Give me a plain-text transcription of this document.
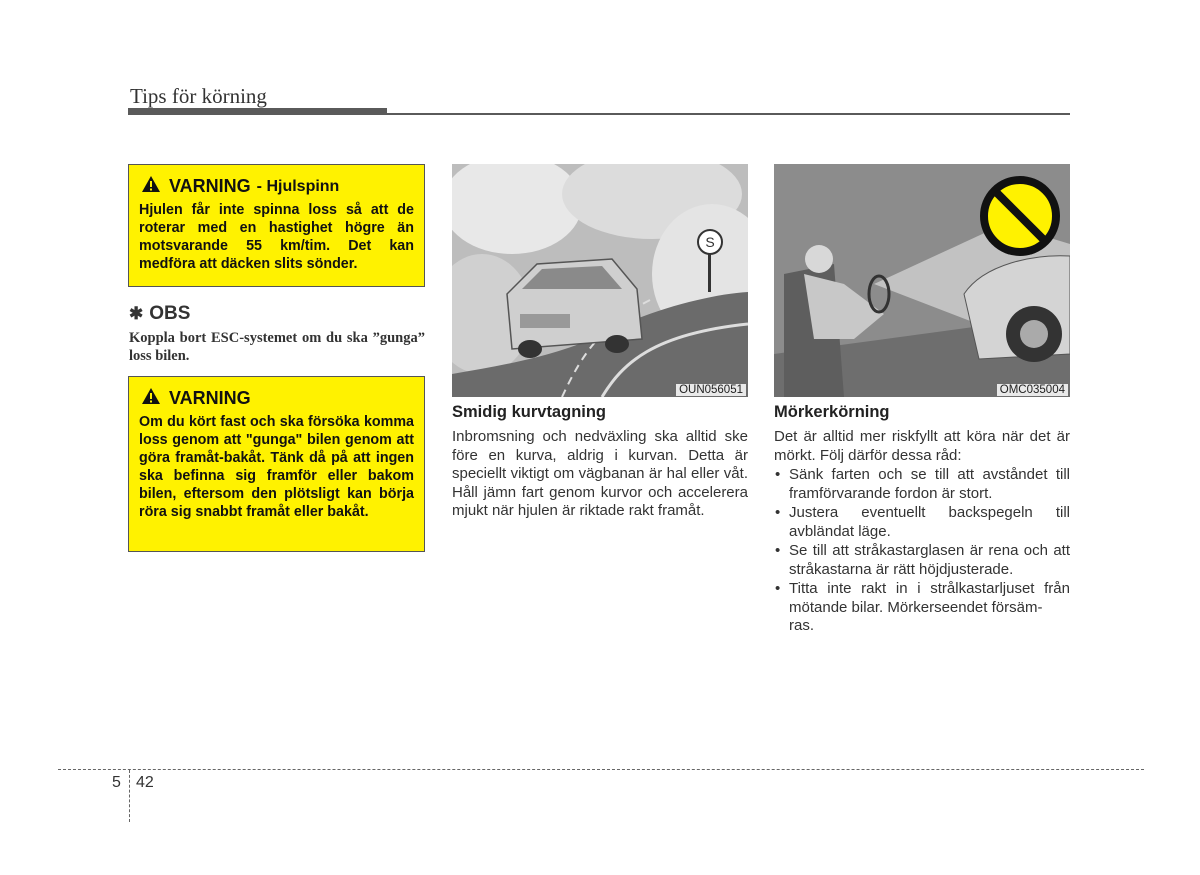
Tips för körning
VARNING - Hjulspinn
Hjulen får inte spinna loss så att de roterar med en hastighet högre än motsvarande 55 km/tim. Det kan medföra att däcken slits sönder.
✱ OBS
Koppla bort ESC-systemet om du ska ”gunga” loss bilen.
VARNING
Om du kört fast och ska försöka komma loss genom att "gunga" bilen genom att göra framåt-bakåt. Tänk då på att ingen ska befinna sig framför eller bakom bilen, eftersom den plötsligt kan börja röra sig snabbt framåt eller bakåt.
S
OUN056051	OMC035004
Smidig kurvtagning
Inbromsning och nedväxling ska alltid ske före en kurva, aldrig i kurvan. Detta är speciellt viktigt om vägbanan är hal eller våt. Håll jämn fart genom kurvor och accelerera mjukt när hjulen är riktade rakt framåt.
Mörkerkörning
Det är alltid mer riskfyllt att köra när det är mörkt. Följ därför dessa råd:
• Sänk farten och se till att avståndet till framförvarande fordon är stort.
• Justera eventuellt backspegeln till avbländat läge.
• Se till att stråkastarglasen är rena och att stråkastarna är rätt höjdjusterade.
• Titta inte rakt in i strålkastarljuset från mötande bilar. Mörkerseendet försäm-
ras.
5 42
